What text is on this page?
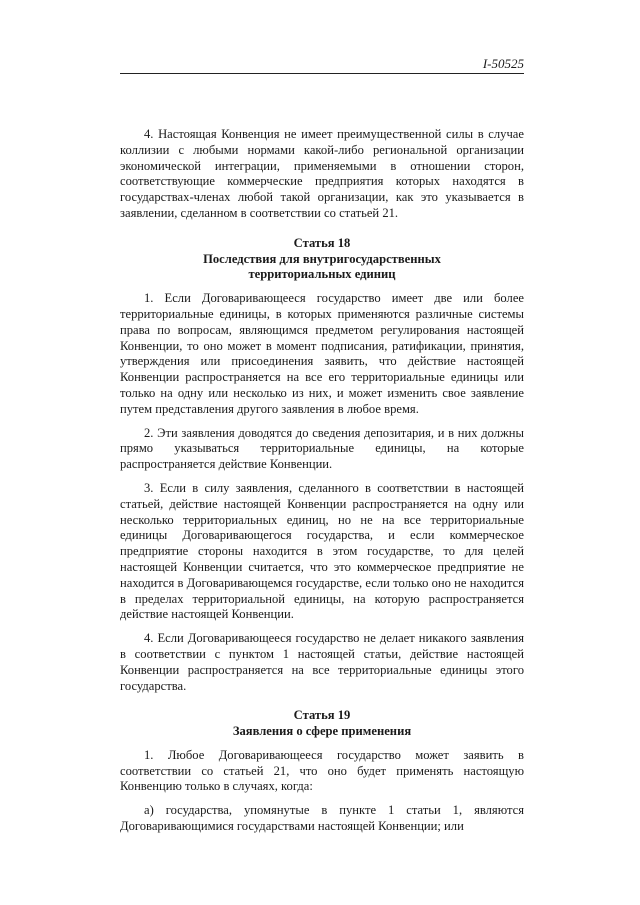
I-50525

4. Настоящая Конвенция не имеет преимущественной силы в случае коллизии с любыми нормами какой-либо региональной организации экономической интеграции, применяемыми в отношении сторон, соответствующие коммерческие предприятия которых находятся в государствах-членах любой такой организации, как это указывается в заявлении, сделанном в соответствии со статьей 21.

Статья 18
Последствия для внутригосударственных
территориальных единиц

1. Если Договаривающееся государство имеет две или более территориальные единицы, в которых применяются различные системы права по вопросам, являющимся предметом регулирования настоящей Конвенции, то оно может в момент подписания, ратификации, принятия, утверждения или присоединения заявить, что действие настоящей Конвенции распространяется на все его территориальные единицы или только на одну или несколько из них, и может изменить свое заявление путем представления другого заявления в любое время.

2. Эти заявления доводятся до сведения депозитария, и в них должны прямо указываться территориальные единицы, на которые распространяется действие Конвенции.

3. Если в силу заявления, сделанного в соответствии в настоящей статьей, действие настоящей Конвенции распространяется на одну или несколько территориальных единиц, но не на все территориальные единицы Договаривающегося государства, и если коммерческое предприятие стороны находится в этом государстве, то для целей настоящей Конвенции считается, что это коммерческое предприятие не находится в Договаривающемся государстве, если только оно не находится в пределах территориальной единицы, на которую распространяется действие настоящей Конвенции.

4. Если Договаривающееся государство не делает никакого заявления в соответствии с пунктом 1 настоящей статьи, действие настоящей Конвенции распространяется на все территориальные единицы этого государства.

Статья 19
Заявления о сфере применения

1. Любое Договаривающееся государство может заявить в соответствии со статьей 21, что оно будет применять настоящую Конвенцию только в случаях, когда:

a) государства, упомянутые в пункте 1 статьи 1, являются Договаривающимися государствами настоящей Конвенции; или
